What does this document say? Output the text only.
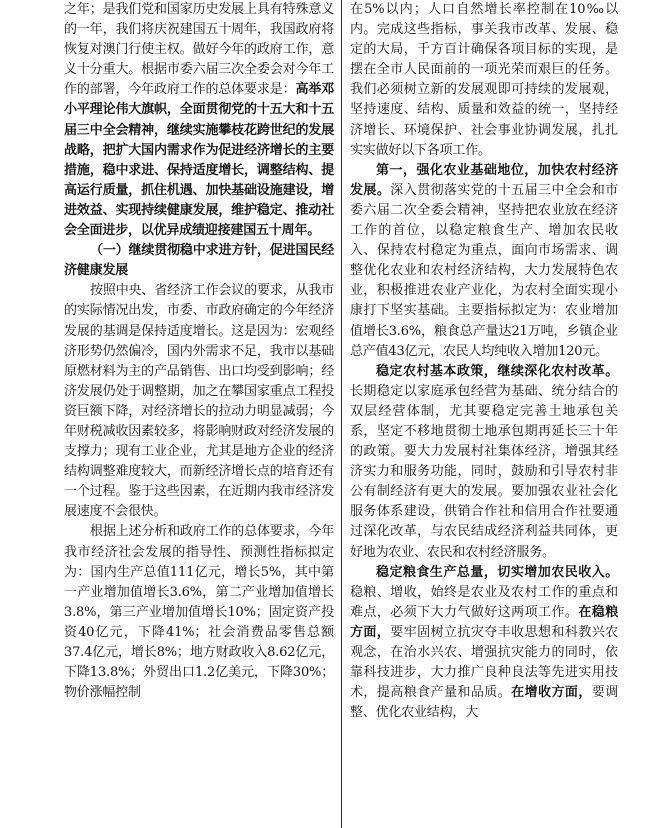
之年；是我们党和国家历史发展上具有特殊意义的一年，我们将庆祝建国五十周年，我国政府将恢复对澳门行使主权。做好今年的政府工作，意义十分重大。根据市委六届三次全委会对今年工作的部署，今年政府工作的总体要求是：高举邓小平理论伟大旗帜，全面贯彻党的十五大和十五届三中全会精神，继续实施攀枝花跨世纪的发展战略，把扩大国内需求作为促进经济增长的主要措施，稳中求进、保持适度增长，调整结构、提高运行质量，抓住机遇、加快基础设施建设，增进效益、实现持续健康发展，维护稳定、推动社会全面进步，以优异成绩迎接建国五十周年。

（一）继续贯彻稳中求进方针，促进国民经济健康发展

按照中央、省经济工作会议的要求，从我市的实际情况出发，市委、市政府确定的今年经济发展的基调是保持适度增长。这是因为：宏观经济形势仍然偏冷，国内外需求不足，我市以基础原燃材料为主的产品销售、出口均受到影响；经济发展仍处于调整期，加之在攀国家重点工程投资巨额下降，对经济增长的拉动力明显减弱；今年财税减收因素较多，将影响财政对经济发展的支撑力；现有工业企业，尤其是地方企业的经济结构调整难度较大，而新经济增长点的培育还有一个过程。鉴于这些因素，在近期内我市经济发展速度不会很快。

根据上述分析和政府工作的总体要求，今年我市经济社会发展的指导性、预测性指标拟定为：国内生产总值111亿元，增长5%，其中第一产业增加值增长3.6%，第二产业增加值增长3.8%，第三产业增加值增长10%；固定资产投资40亿元，下降41%；社会消费品零售总额37.4亿元，增长8%；地方财政收入8.62亿元，下降13.8%；外贸出口1.2亿美元，下降30%；物价涨幅控制

在5%以内；人口自然增长率控制在10‰以内。完成这些指标，事关我市改革、发展、稳定的大局，千方百计确保各项目标的实现，是摆在全市人民面前的一项光荣而艰巨的任务。我们必须树立新的发展观即可持续的发展观，坚持速度、结构、质量和效益的统一，坚持经济增长、环境保护、社会事业协调发展，扎扎实实做好以下各项工作。

第一，强化农业基础地位，加快农村经济发展。深入贯彻落实党的十五届三中全会和市委六届二次全委会精神，坚持把农业放在经济工作的首位，以稳定粮食生产、增加农民收入、保持农村稳定为重点，面向市场需求、调整优化农业和农村经济结构，大力发展特色农业，积极推进农业产业化，为农村全面实现小康打下坚实基础。主要指标拟定为：农业增加值增长3.6%，粮食总产量达21万吨，乡镇企业总产值43亿元，农民人均纯收入增加120元。

稳定农村基本政策，继续深化农村改革。长期稳定以家庭承包经营为基础、统分结合的双层经营体制，尤其要稳定完善土地承包关系，坚定不移地贯彻土地承包期再延长三十年的政策。要大力发展村社集体经济，增强其经济实力和服务功能，同时，鼓励和引导农村非公有制经济有更大的发展。要加强农业社会化服务体系建设，供销合作社和信用合作社要通过深化改革，与农民结成经济利益共同体，更好地为农业、农民和农村经济服务。

稳定粮食生产总量，切实增加农民收入。稳粮、增收，始终是农业及农村工作的重点和难点，必须下大力气做好这两项工作。在稳粮方面，要牢固树立抗灾夺丰收思想和科教兴农观念，在治水兴农、增强抗灾能力的同时，依靠科技进步，大力推广良种良法等先进实用技术，提高粮食产量和品质。在增收方面，要调整、优化农业结构，大
